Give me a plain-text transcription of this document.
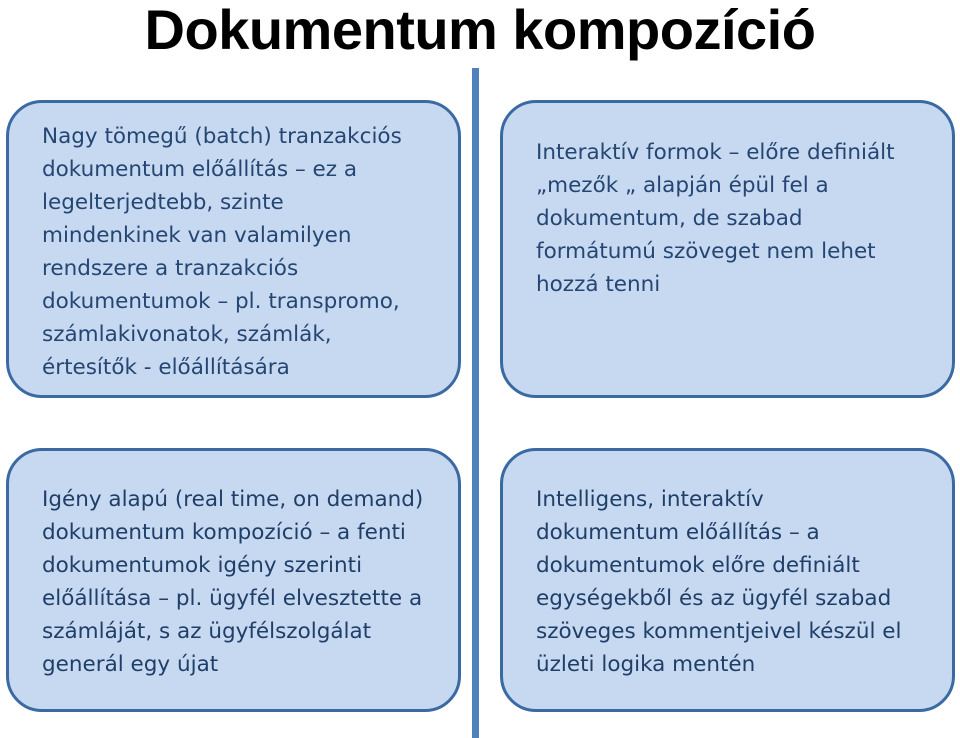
Dokumentum kompozíció
Nagy tömegű (batch) tranzakciós
dokumentum előállítás – ez a
legelterjedtebb, szinte
mindenkinek van valamilyen
rendszere a tranzakciós
dokumentumok – pl. transpromo,
számlakivonatok, számlák,
értesítők - előállítására
Interaktív formok – előre definiált
„mezők „ alapján épül fel a
dokumentum, de szabad
formátumú szöveget nem lehet
hozzá tenni
Igény alapú (real time, on demand)
dokumentum kompozíció – a fenti
dokumentumok igény szerinti
előállítása – pl. ügyfél elvesztette a
számláját, s az ügyfélszolgálat
generál egy újat
Intelligens, interaktív
dokumentum előállítás – a
dokumentumok előre definiált
egységekből és az ügyfél szabad
szöveges kommentjeivel készül el
üzleti logika mentén
